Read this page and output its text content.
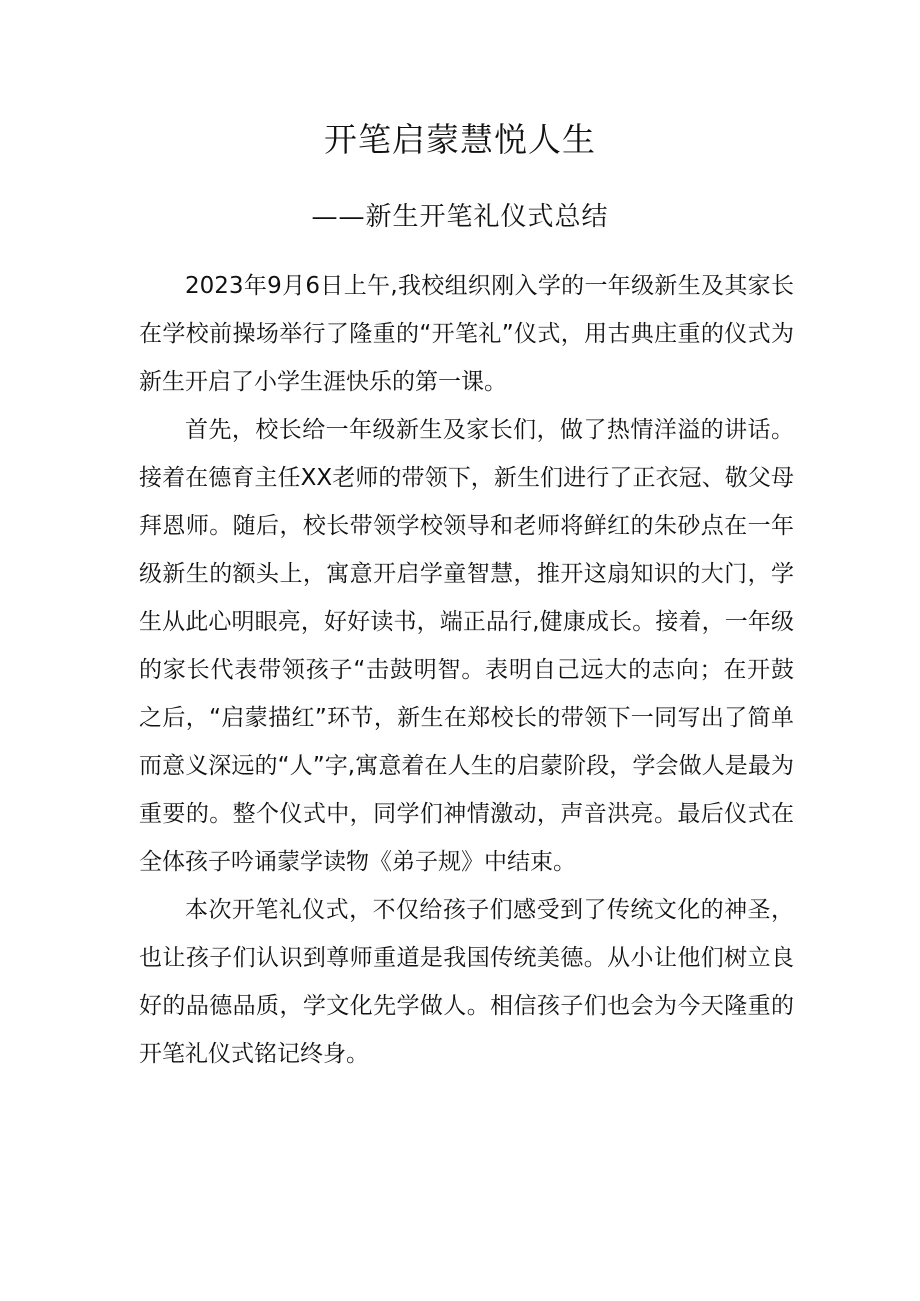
开笔启蒙慧悦人生
——新生开笔礼仪式总结

2023年9月6日上午,我校组织刚入学的一年级新生及其家长在学校前操场举行了隆重的“开笔礼”仪式，用古典庄重的仪式为新生开启了小学生涯快乐的第一课。

首先，校长给一年级新生及家长们，做了热情洋溢的讲话。接着在德育主任XX老师的带领下，新生们进行了正衣冠、敬父母拜恩师。随后，校长带领学校领导和老师将鲜红的朱砂点在一年级新生的额头上，寓意开启学童智慧，推开这扇知识的大门，学生从此心明眼亮，好好读书，端正品行,健康成长。接着，一年级的家长代表带领孩子“击鼓明智。表明自己远大的志向；在开鼓之后，“启蒙描红”环节，新生在郑校长的带领下一同写出了简单而意义深远的“人”字,寓意着在人生的启蒙阶段，学会做人是最为重要的。整个仪式中，同学们神情激动，声音洪亮。最后仪式在全体孩子吟诵蒙学读物《弟子规》中结束。

本次开笔礼仪式，不仅给孩子们感受到了传统文化的神圣，也让孩子们认识到尊师重道是我国传统美德。从小让他们树立良好的品德品质，学文化先学做人。相信孩子们也会为今天隆重的开笔礼仪式铭记终身。
